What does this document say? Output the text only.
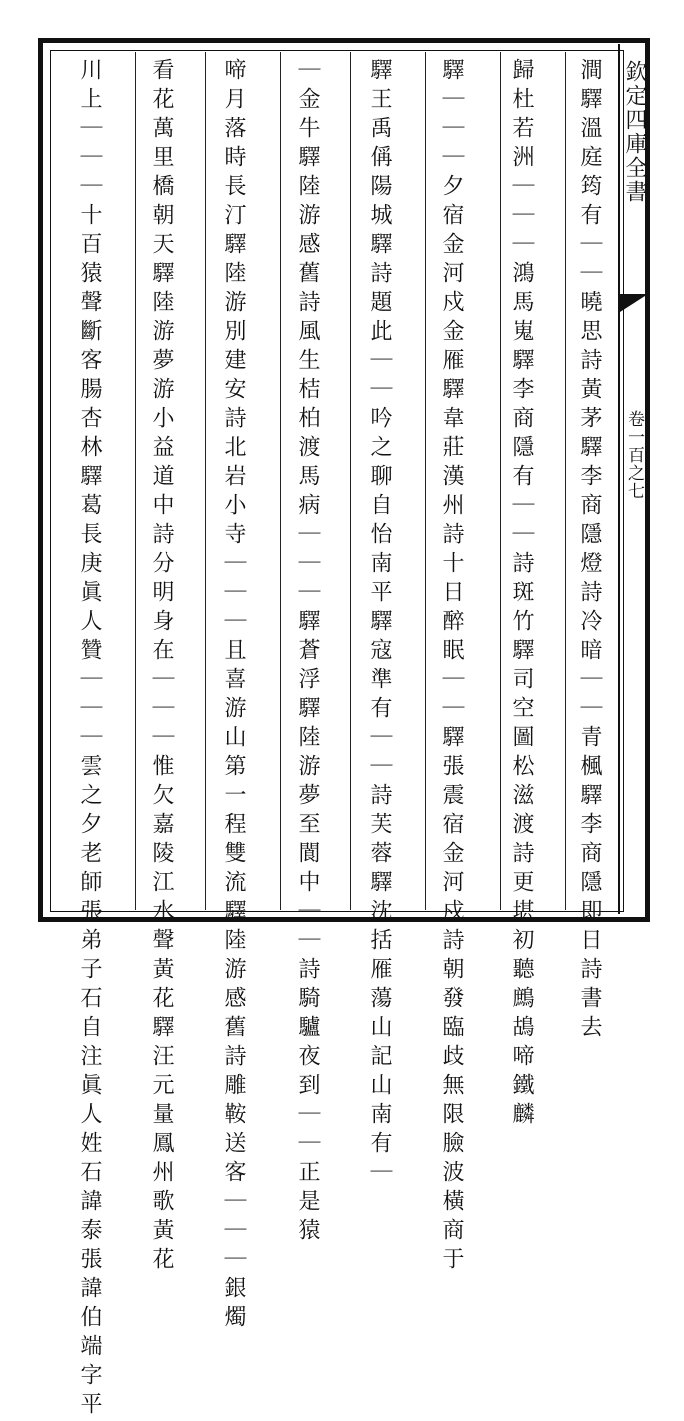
欽定四庫全書
卷一百之七
澗驛溫庭筠有｜｜曉思詩黃茅驛李商隱燈詩冷暗｜｜青楓驛李商隱即日詩書去
歸杜若洲｜｜｜鴻馬嵬驛李商隱有｜｜詩斑竹驛司空圖松滋渡詩更堪初聽鷓鴣啼鐵麟
驛｜｜｜夕宿金河戍金雁驛韋莊漢州詩十日醉眠｜｜驛張震宿金河戍詩朝發臨歧無限臉波橫商于
驛王禹偁陽城驛詩題此｜｜吟之聊自怡南平驛寇準有｜｜詩芙蓉驛沈括雁蕩山記山南有｜
｜金牛驛陸游感舊詩風生桔柏渡馬病｜｜｜驛蒼浮驛陸游夢至閬中｜｜詩騎驢夜到｜｜正是猿
啼月落時長汀驛陸游別建安詩北岩小寺｜｜｜且喜游山第一程雙流驛陸游感舊詩雕鞍送客｜｜｜銀燭
看花萬里橋朝天驛陸游夢游小益道中詩分明身在｜｜｜惟欠嘉陵江水聲黃花驛汪元量鳳州歌黃花
川上｜｜｜十百猿聲斷客腸杏林驛葛長庚眞人贊｜｜｜雲之夕老師張弟子石自注眞人姓石諱泰張諱伯端字平
